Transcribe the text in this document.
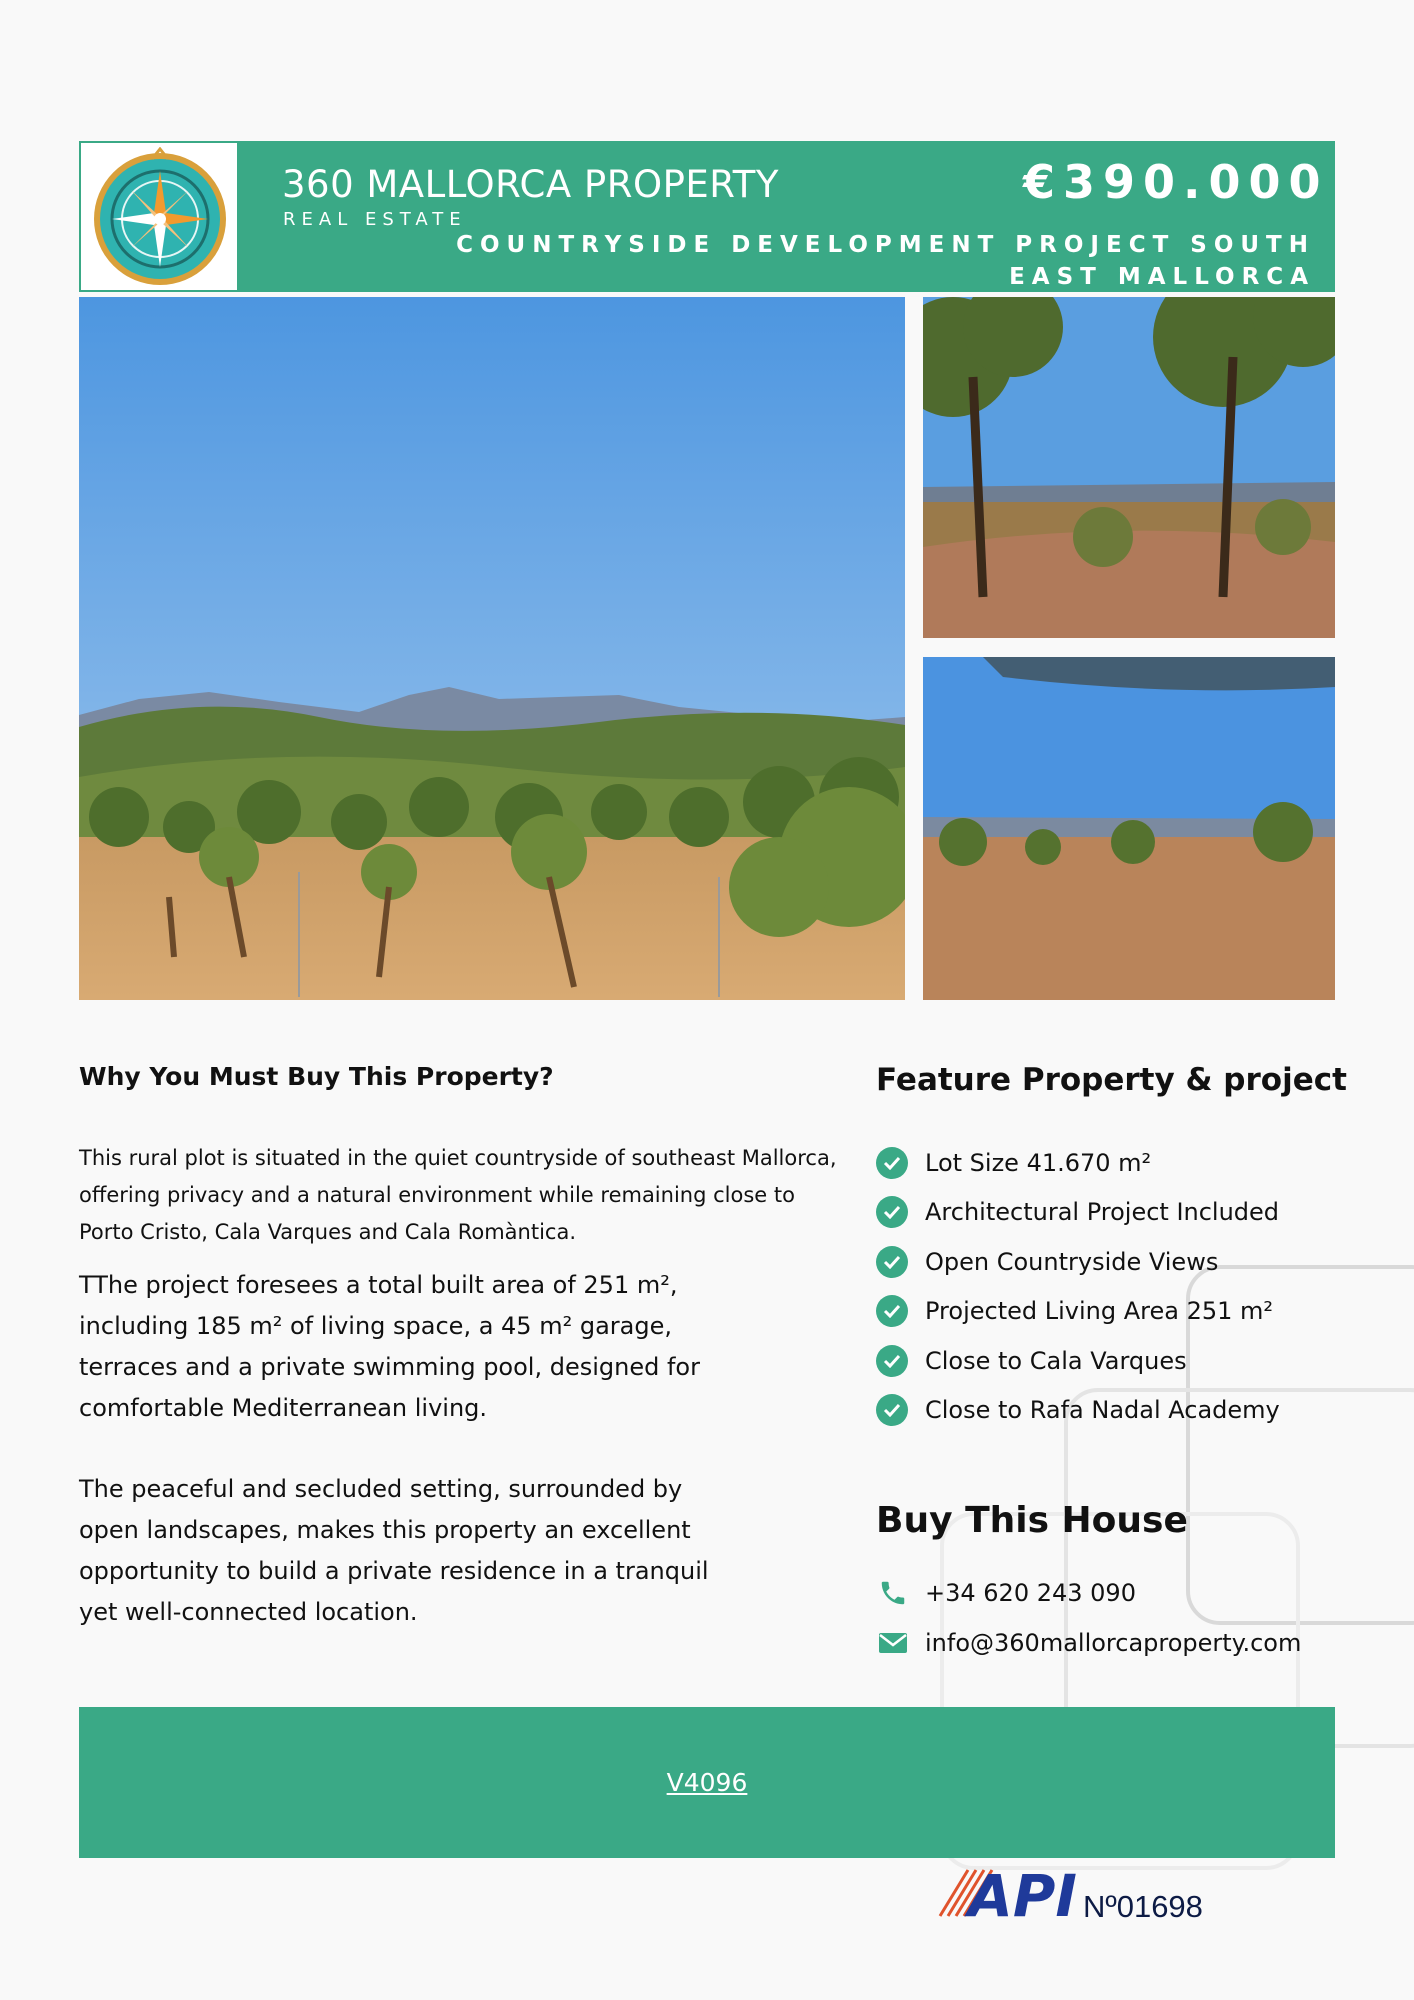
360 MALLORCA PROPERTY
REAL ESTATE
€390.000
COUNTRYSIDE DEVELOPMENT PROJECT SOUTH EAST MALLORCA
Why You Must Buy This Property?

This rural plot is situated in the quiet countryside of southeast Mallorca, offering privacy and a natural environment while remaining close to Porto Cristo, Cala Varques and Cala Romàntica.

TThe project foresees a total built area of 251 m², including 185 m² of living space, a 45 m² garage, terraces and a private swimming pool, designed for comfortable Mediterranean living.

The peaceful and secluded setting, surrounded by open landscapes, makes this property an excellent opportunity to build a private residence in a tranquil yet well-connected location.

Feature Property & project
Lot Size 41.670 m²
Architectural Project Included
Open Countryside Views
Projected Living Area 251 m²
Close to Cala Varques
Close to Rafa Nadal Academy
Buy This House
+34 620 243 090
info@360mallorcaproperty.com
V4096
API Nº01698
